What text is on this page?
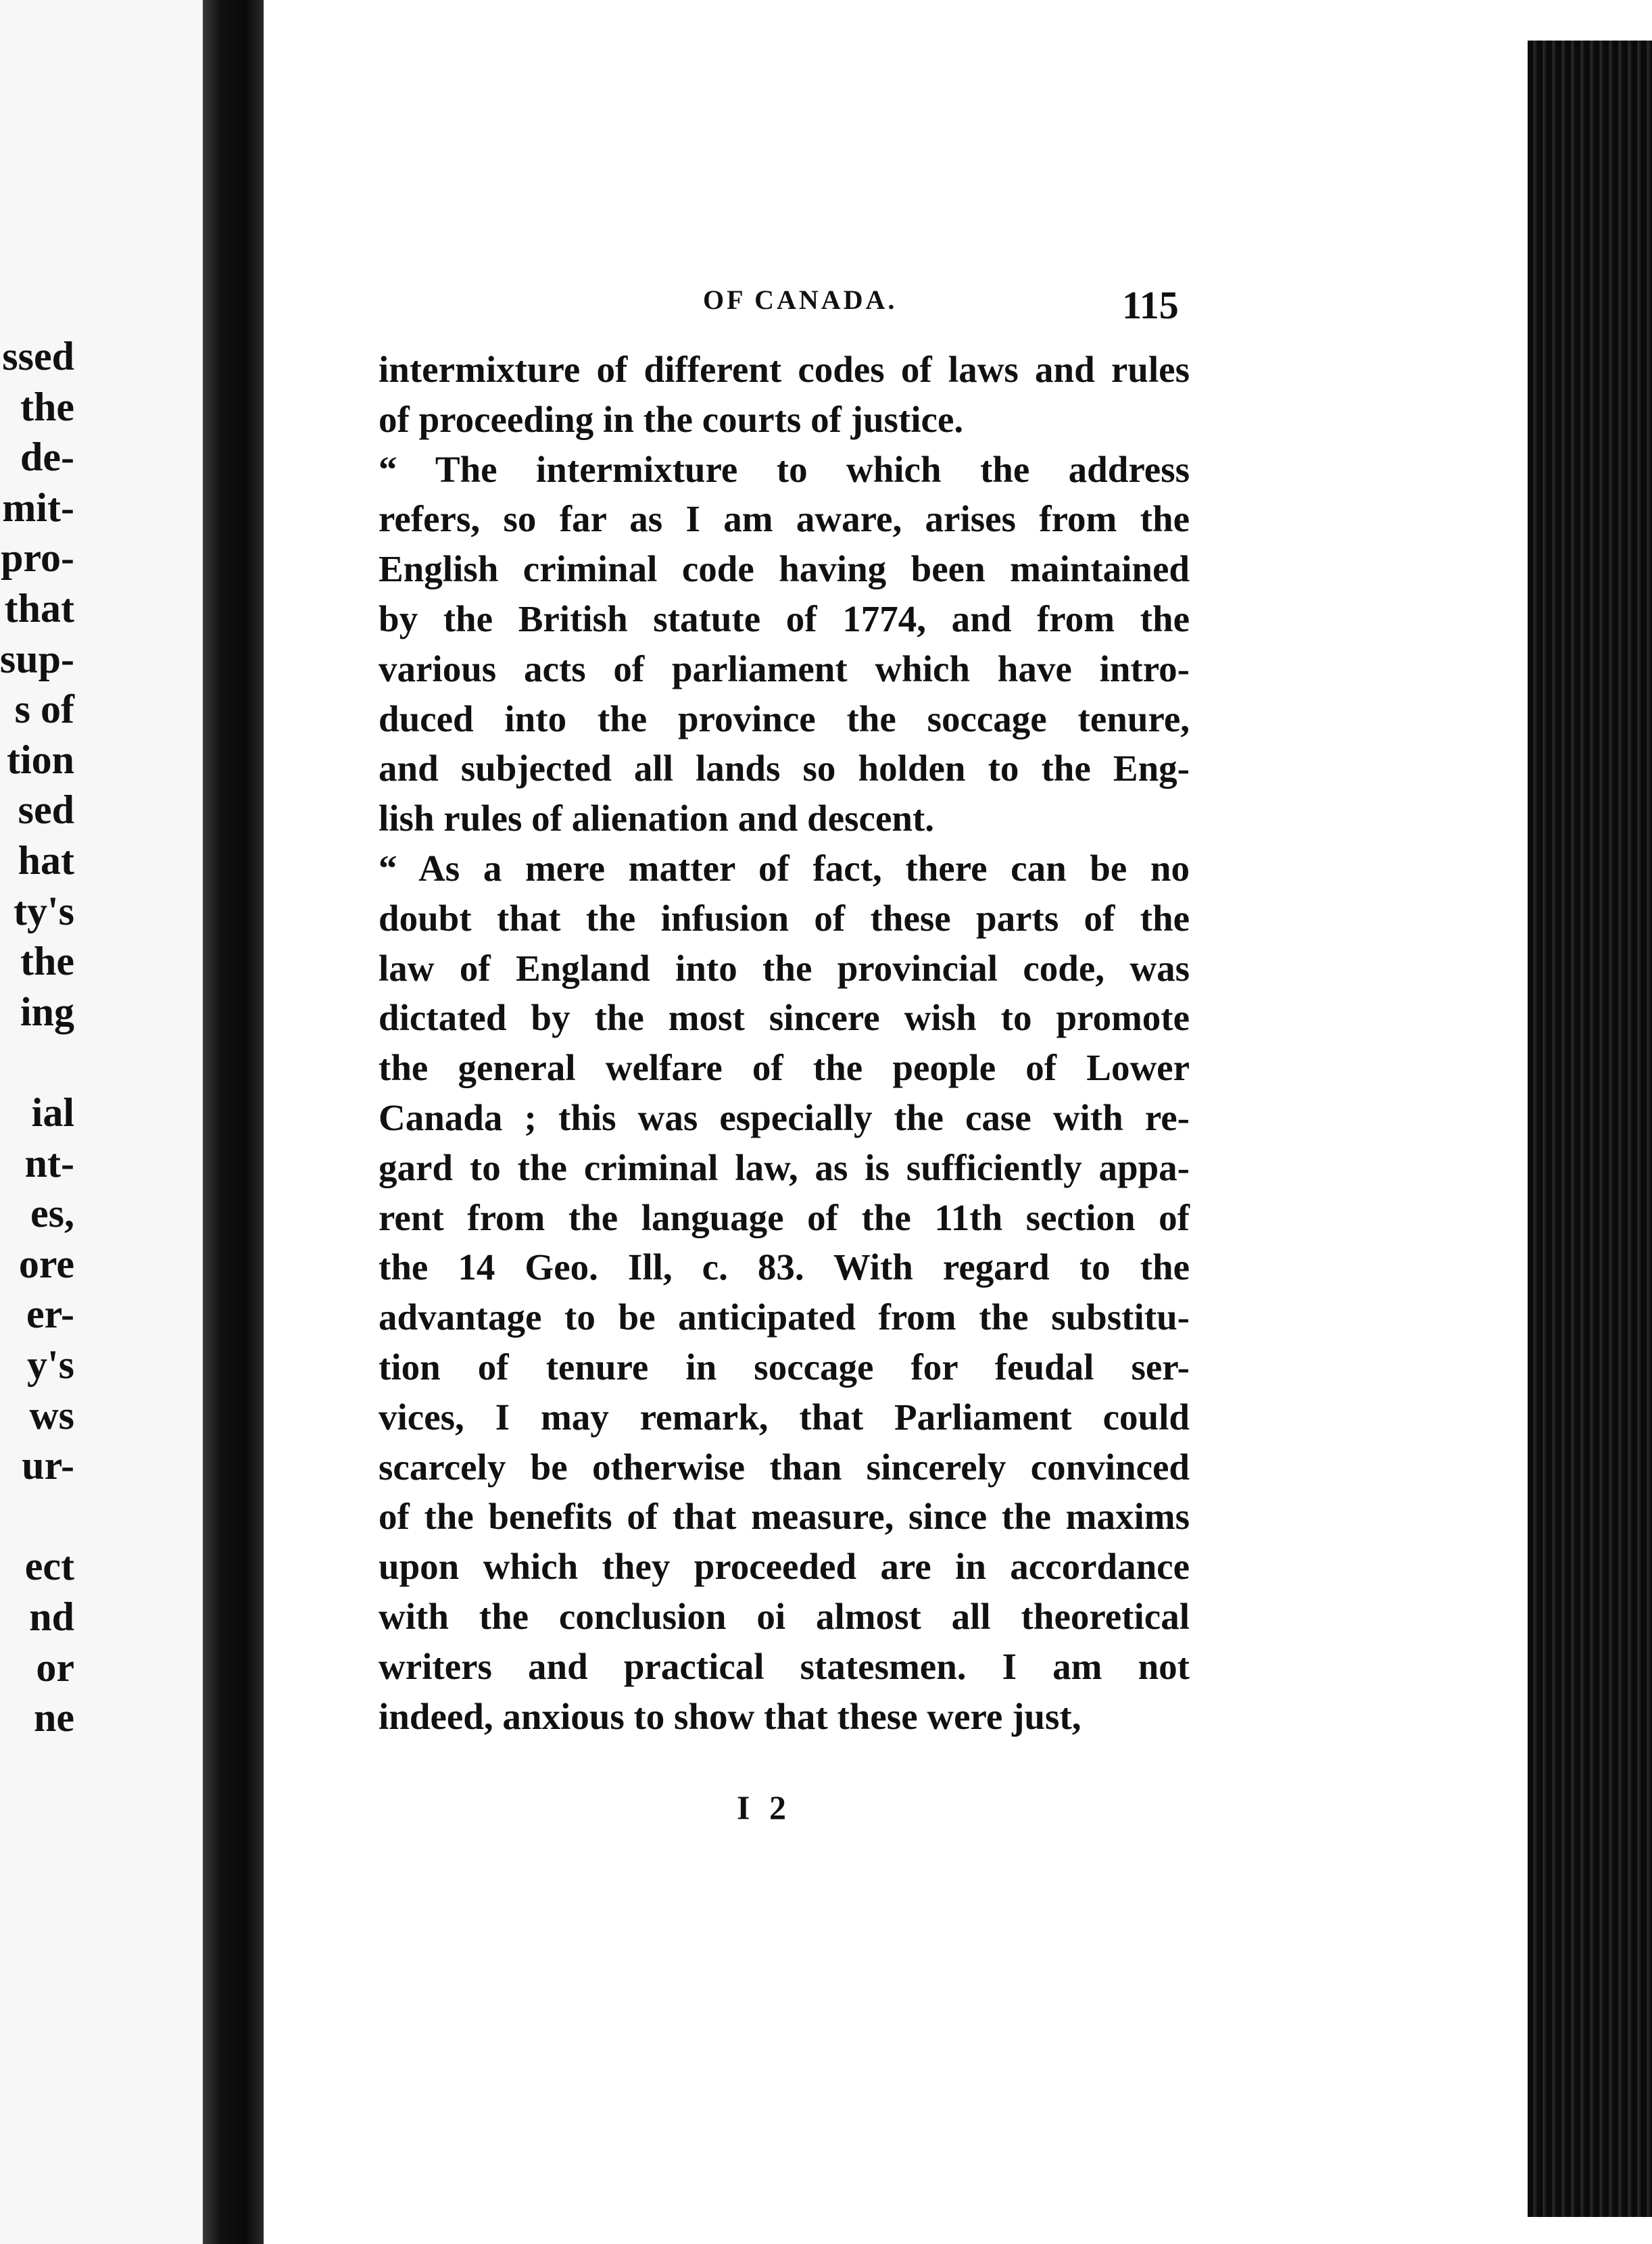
ssed
the
de-
mit-
pro-
that
sup-
s of
tion
sed
hat
ty's
the
ing
ial
nt-
es,
ore
er-
y's
ws
ur-
ect
nd
or
ne
OF CANADA.	115

intermixture of different codes of laws and rules
of proceeding in the courts of justice.

“ The intermixture to which the address
refers, so far as I am aware, arises from the
English criminal code having been maintained
by the British statute of 1774, and from the
various acts of parliament which have intro-
duced into the province the soccage tenure,
and subjected all lands so holden to the Eng-
lish rules of alienation and descent.

“ As a mere matter of fact, there can be no
doubt that the infusion of these parts of the
law of England into the provincial code, was
dictated by the most sincere wish to promote
the general welfare of the people of Lower
Canada ; this was especially the case with re-
gard to the criminal law, as is sufficiently appa-
rent from the language of the 11th section of
the 14 Geo. Ill, c. 83. With regard to the
advantage to be anticipated from the substitu-
tion of tenure in soccage for feudal ser-
vices, I may remark, that Parliament could
scarcely be otherwise than sincerely convinced
of the benefits of that measure, since the maxims
upon which they proceeded are in accordance
with the conclusion oi almost all theoretical
writers and practical statesmen. I am not
indeed, anxious to show that these were just,

I 2
